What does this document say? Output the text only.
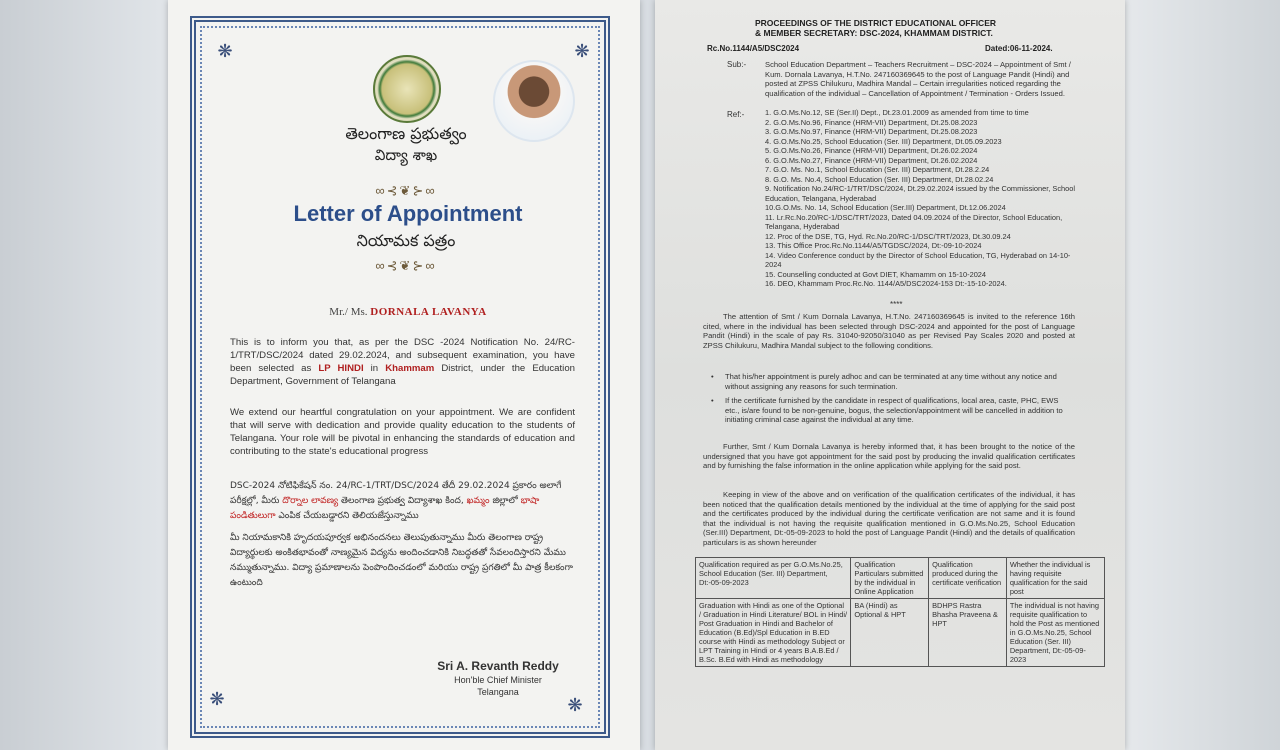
❋	❋
❋	❋
తెలంగాణ ప్రభుత్వం
విద్యా శాఖ
∞⊰❦⊱∞
Letter of Appointment
నియామక పత్రం
∞⊰❦⊱∞
Mr./ Ms. DORNALA LAVANYA
This is to inform you that, as per the DSC -2024 Notification No. 24/RC-1/TRT/DSC/2024 dated 29.02.2024, and subsequent examination, you have been selected as LP HINDI in Khammam District, under the Education Department, Government of Telangana
We extend our heartful congratulation on your appointment. We are confident that will serve with dedication and provide quality education to the students of Telangana. Your role will be pivotal in enhancing the standards of education and contributing to the state's educational progress
DSC-2024 నోటిఫికేషన్ నం. 24/RC-1/TRT/DSC/2024 తేదీ 29.02.2024 ప్రకారం అలాగే పరీక్షల్లో, మీరు దొర్నాల లావణ్య తెలంగాణ ప్రభుత్వ విద్యాశాఖ కింద, ఖమ్మం జిల్లాలో భాషా పండితులుగా ఎంపిక చేయబడ్డారని తెలియజేస్తున్నాము
మీ నియామకానికి హృదయపూర్వక అభినందనలు తెలుపుతున్నాము మీరు తెలంగాణ రాష్ట్ర విద్యార్థులకు అంకితభావంతో నాణ్యమైన విద్యను అందించడానికి నిబద్ధతతో సేవలందిస్తారని మేము నమ్ముతున్నాము. విద్యా ప్రమాణాలను పెంపొందించడంలో మరియు రాష్ట్ర ప్రగతిలో మీ పాత్ర కీలకంగా ఉంటుంది
Sri A. Revanth Reddy
Hon'ble Chief Minister
Telangana
PROCEEDINGS OF THE DISTRICT EDUCATIONAL OFFICER
& MEMBER SECRETARY: DSC-2024, KHAMMAM DISTRICT.
Rc.No.1144/A5/DSC2024	Dated:06-11-2024.
Sub:- School Education Department – Teachers Recruitment – DSC-2024 – Appointment of Smt / Kum. Dornala Lavanya, H.T.No. 247160369645 to the post of Language Pandit (Hindi) and posted at ZPSS Chilukuru, Madhira Mandal – Certain irregularities noticed regarding the qualification of the individual – Cancellation of Appointment / Termination - Orders Issued.
Ref:-	1. G.O.Ms.No.12, SE (Ser.II) Dept., Dt.23.01.2009 as amended from time to time
2. G.O.Ms.No.96, Finance (HRM-VII) Department, Dt.25.08.2023
3. G.O.Ms.No.97, Finance (HRM-VII) Department, Dt.25.08.2023
4. G.O.Ms.No.25, School Education (Ser. III) Department, Dt.05.09.2023
5. G.O.Ms.No.26, Finance (HRM-VII) Department, Dt.26.02.2024
6. G.O.Ms.No.27, Finance (HRM-VII) Department, Dt.26.02.2024
7. G.O. Ms. No.1, School Education (Ser. III) Department, Dt.28.2.24
8. G.O. Ms. No.4, School Education (Ser. III) Department, Dt.28.02.24
9. Notification No.24/RC-1/TRT/DSC/2024, Dt.29.02.2024 issued by the Commissioner, School Education, Telangana, Hyderabad
10.G.O.Ms. No. 14, School Education (Ser.III) Department, Dt.12.06.2024
11. Lr.Rc.No.20/RC-1/DSC/TRT/2023, Dated 04.09.2024 of the Director, School Education, Telangana, Hyderabad
12. Proc of the DSE, TG, Hyd. Rc.No.20/RC-1/DSC/TRT/2023, Dt.30.09.24
13. This Office Proc.Rc.No.1144/A5/TGDSC/2024, Dt:-09-10-2024
14. Video Conference conduct by the Director of School Education, TG, Hyderabad on 14-10-2024
15. Counselling conducted at Govt DIET, Khamamm on 15-10-2024
16. DEO, Khammam Proc.Rc.No. 1144/A5/DSC2024-153 Dt:-15-10-2024.
****
The attention of Smt / Kum Dornala Lavanya, H.T.No. 247160369645 is invited to the reference 16th cited, where in the individual has been selected through DSC-2024 and appointed for the post of Language Pandit (Hindi) in the scale of pay Rs. 31040-92050/31040 as per Revised Pay Scales 2020 and posted at ZPSS Chilukuru, Madhira Mandal subject to the following conditions.
• That his/her appointment is purely adhoc and can be terminated at any time without any notice and without assigning any reasons for such termination.
• If the certificate furnished by the candidate in respect of qualifications, local area, caste, PHC, EWS etc., is/are found to be non-genuine, bogus, the selection/appointment will be cancelled in addition to initiating criminal case against the individual at any time.
Further, Smt / Kum Dornala Lavanya is hereby informed that, it has been brought to the notice of the undersigned that you have got appointment for the said post by producing the invalid qualification certificates and by furnishing the false information in the online application while applying for the said post.
Keeping in view of the above and on verification of the qualification certificates of the individual, it has been noticed that the qualification details mentioned by the individual at the time of applying for the said post and the certificates produced by the individual during the certificate verification are not same and it is found that the individual is not having the requisite qualification mentioned in G.O.Ms.No.25, School Education (Ser.III) Department, Dt:-05-09-2023 to hold the post of Language Pandit (Hindi) and the details of qualification particulars is as shown hereunder
Qualification required as per G.O.Ms.No.25, School Education (Ser. III) Department, Dt:-05-09-2023	Qualification Particulars submitted by the individual in Online Application	Qualification produced during the certificate verification	Whether the individual is having requisite qualification for the said post
Graduation with Hindi as one of the Optional / Graduation in Hindi Literature/ BOL in Hindi/ Post Graduation in Hindi and Bachelor of Education (B.Ed)/Spl Education in B.ED course with Hindi as methodology Subject or LPT Training in Hindi or 4 years B.A.B.Ed / B.Sc. B.Ed with Hindi as methodology	BA (Hindi) as Optional & HPT	BDHPS Rastra Bhasha Praveena & HPT	The individual is not having requisite qualification to hold the Post as mentioned in G.O.Ms.No.25, School Education (Ser. III) Department, Dt:-05-09-2023
